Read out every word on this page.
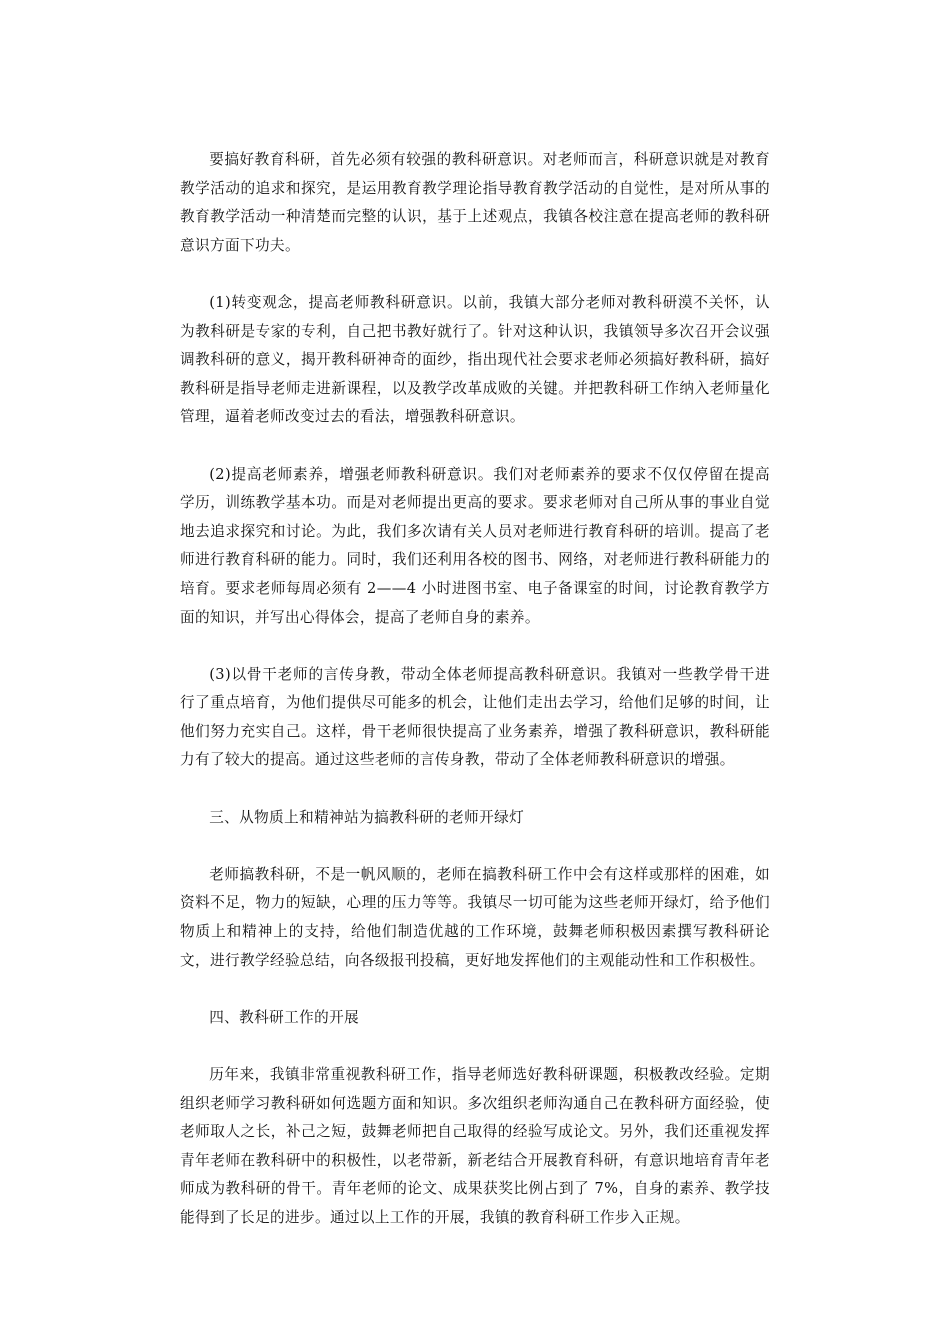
要搞好教育科研，首先必须有较强的教科研意识。对老师而言，科研意识就是对教育教学活动的追求和探究，是运用教育教学理论指导教育教学活动的自觉性，是对所从事的教育教学活动一种清楚而完整的认识，基于上述观点，我镇各校注意在提高老师的教科研意识方面下功夫。

(1)转变观念，提高老师教科研意识。以前，我镇大部分老师对教科研漠不关怀，认为教科研是专家的专利，自己把书教好就行了。针对这种认识，我镇领导多次召开会议强调教科研的意义，揭开教科研神奇的面纱，指出现代社会要求老师必须搞好教科研，搞好教科研是指导老师走进新课程，以及教学改革成败的关键。并把教科研工作纳入老师量化管理，逼着老师改变过去的看法，增强教科研意识。

(2)提高老师素养，增强老师教科研意识。我们对老师素养的要求不仅仅停留在提高学历，训练教学基本功。而是对老师提出更高的要求。要求老师对自己所从事的事业自觉地去追求探究和讨论。为此，我们多次请有关人员对老师进行教育科研的培训。提高了老师进行教育科研的能力。同时，我们还利用各校的图书、网络，对老师进行教科研能力的培育。要求老师每周必须有 2——4 小时进图书室、电子备课室的时间，讨论教育教学方面的知识，并写出心得体会，提高了老师自身的素养。

(3)以骨干老师的言传身教，带动全体老师提高教科研意识。我镇对一些教学骨干进行了重点培育，为他们提供尽可能多的机会，让他们走出去学习，给他们足够的时间，让他们努力充实自己。这样，骨干老师很快提高了业务素养，增强了教科研意识，教科研能力有了较大的提高。通过这些老师的言传身教，带动了全体老师教科研意识的增强。

三、从物质上和精神站为搞教科研的老师开绿灯

老师搞教科研，不是一帆风顺的，老师在搞教科研工作中会有这样或那样的困难，如资料不足，物力的短缺，心理的压力等等。我镇尽一切可能为这些老师开绿灯，给予他们物质上和精神上的支持，给他们制造优越的工作环境，鼓舞老师积极因素撰写教科研论文，进行教学经验总结，向各级报刊投稿，更好地发挥他们的主观能动性和工作积极性。

四、教科研工作的开展

历年来，我镇非常重视教科研工作，指导老师选好教科研课题，积极教改经验。定期组织老师学习教科研如何选题方面和知识。多次组织老师沟通自己在教科研方面经验，使老师取人之长，补己之短，鼓舞老师把自己取得的经验写成论文。另外，我们还重视发挥青年老师在教科研中的积极性，以老带新，新老结合开展教育科研，有意识地培育青年老师成为教科研的骨干。青年老师的论文、成果获奖比例占到了 7%，自身的素养、教学技能得到了长足的进步。通过以上工作的开展，我镇的教育科研工作步入正规。
